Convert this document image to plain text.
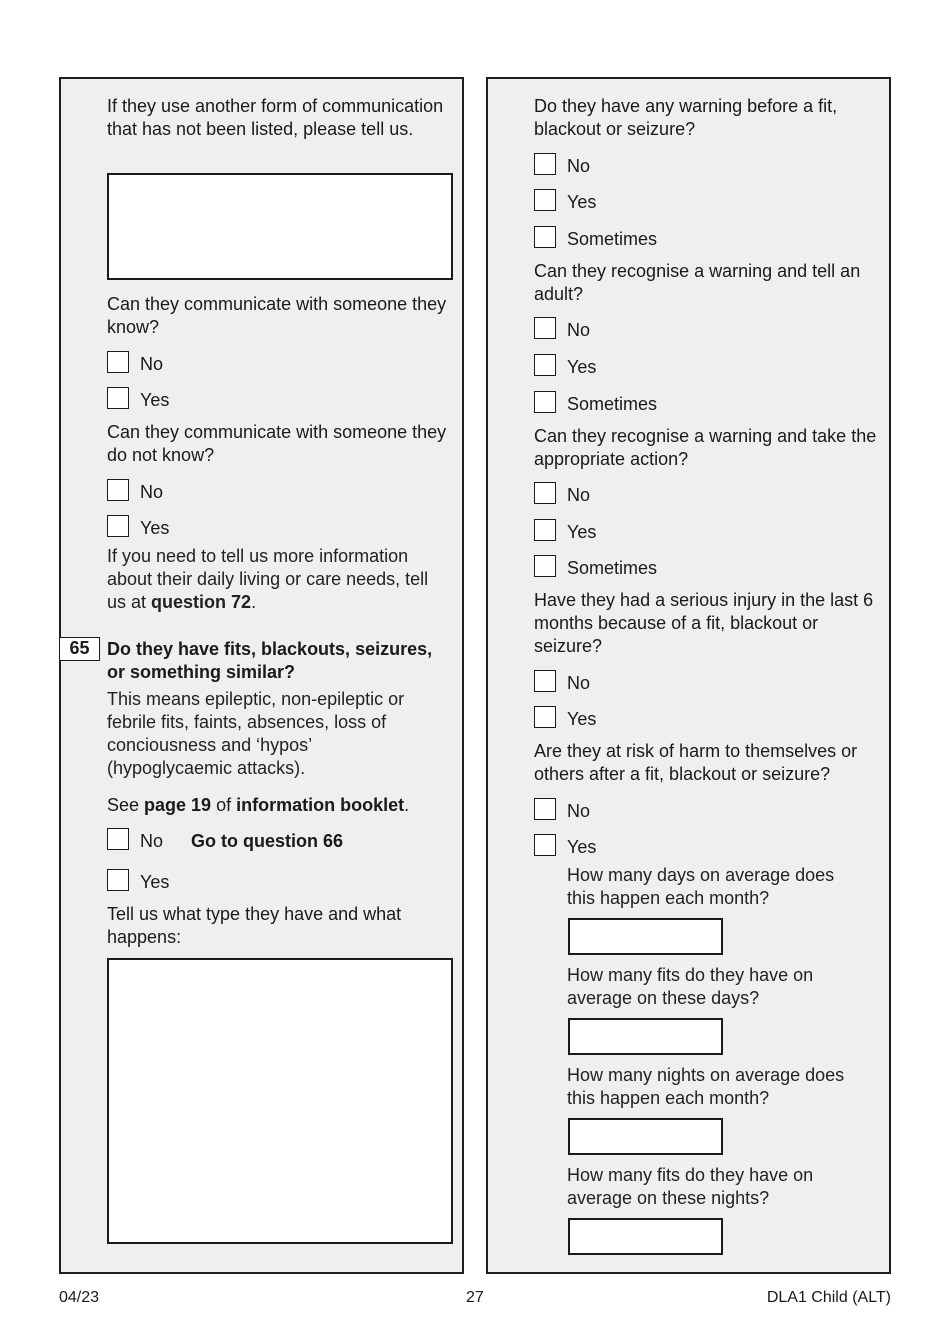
If they use another form of communication that has not been listed, please tell us.
Can they communicate with someone they know?
No
Yes
Can they communicate with someone they do not know?
No
Yes
If you need to tell us more information about their daily living or care needs, tell us at question 72.
65 Do they have fits, blackouts, seizures, or something similar?
This means epileptic, non-epileptic or febrile fits, faints, absences, loss of conciousness and ‘hypos’ (hypoglycaemic attacks).
See page 19 of information booklet.
No Go to question 66
Yes
Tell us what type they have and what happens:
Do they have any warning before a fit, blackout or seizure?
No
Yes
Sometimes
Can they recognise a warning and tell an adult?
No
Yes
Sometimes
Can they recognise a warning and take the appropriate action?
No
Yes
Sometimes
Have they had a serious injury in the last 6 months because of a fit, blackout or seizure?
No
Yes
Are they at risk of harm to themselves or others after a fit, blackout or seizure?
No
Yes
How many days on average does this happen each month?
How many fits do they have on average on these days?
How many nights on average does this happen each month?
How many fits do they have on average on these nights?
04/23	27	DLA1 Child (ALT)
